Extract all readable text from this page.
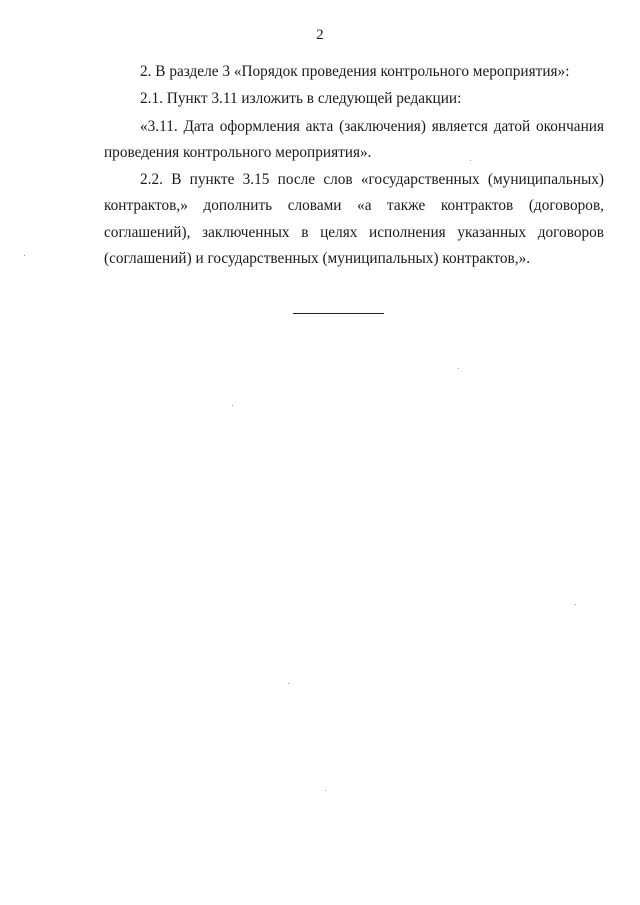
2

2. В разделе 3 «Порядок проведения контрольного мероприятия»:

2.1. Пункт 3.11 изложить в следующей редакции:

«3.11. Дата оформления акта (заключения) является датой окончания проведения контрольного мероприятия».

2.2. В пункте 3.15 после слов «государственных (муниципальных) контрактов,» дополнить словами «а также контрактов (договоров, соглашений), заключенных в целях исполнения указанных договоров (соглашений) и государственных (муниципальных) контрактов,».
